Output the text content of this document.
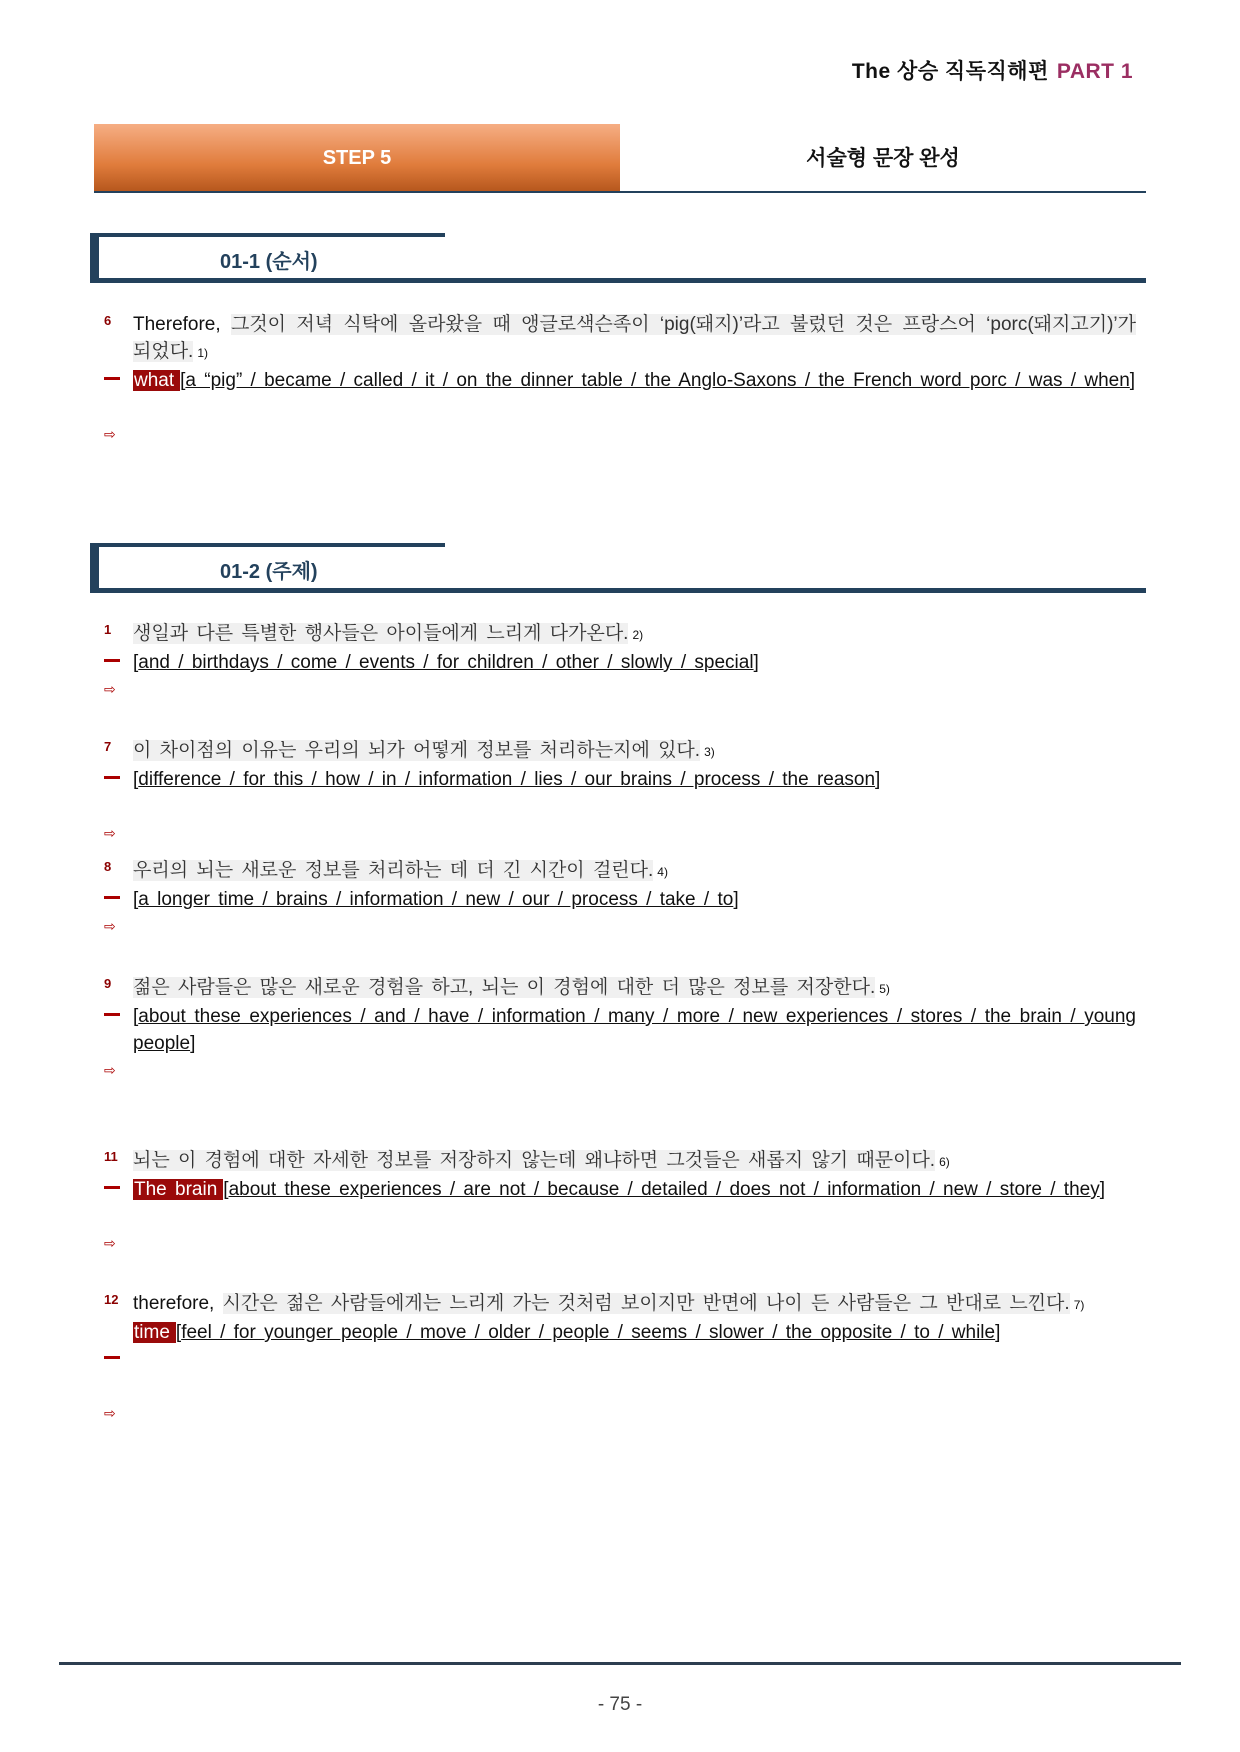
The 상승 직독직해편 PART 1
STEP 5	서술형 문장 완성
01-1 (순서)
6 Therefore, 그것이 저녁 식탁에 올라왔을 때 앵글로색슨족이 ‘pig(돼지)’라고 불렀던 것은 프랑스어 ‘porc(돼지고기)’가 되었다. 1)
what [a “pig” / became / called / it / on the dinner table / the Anglo-Saxons / the French word porc / was / when]
⇨
01-2 (주제)
1 생일과 다른 특별한 행사들은 아이들에게 느리게 다가온다. 2)
[and / birthdays / come / events / for children / other / slowly / special]
⇨
7 이 차이점의 이유는 우리의 뇌가 어떻게 정보를 처리하는지에 있다. 3)
[difference / for this / how / in / information / lies / our brains / process / the reason]
⇨
8 우리의 뇌는 새로운 정보를 처리하는 데 더 긴 시간이 걸린다. 4)
[a longer time / brains / information / new / our / process / take / to]
⇨
9 젊은 사람들은 많은 새로운 경험을 하고, 뇌는 이 경험에 대한 더 많은 정보를 저장한다. 5)
[about these experiences / and / have / information / many / more / new experiences / stores / the brain / young people]
⇨
11 뇌는 이 경험에 대한 자세한 정보를 저장하지 않는데 왜냐하면 그것들은 새롭지 않기 때문이다. 6)
The brain [about these experiences / are not / because / detailed / does not / information / new / store / they]
⇨
12 therefore, 시간은 젊은 사람들에게는 느리게 가는 것처럼 보이지만 반면에 나이 든 사람들은 그 반대로 느낀다. 7)
time [feel / for younger people / move / older / people / seems / slower / the opposite / to / while]
⇨
- 75 -
